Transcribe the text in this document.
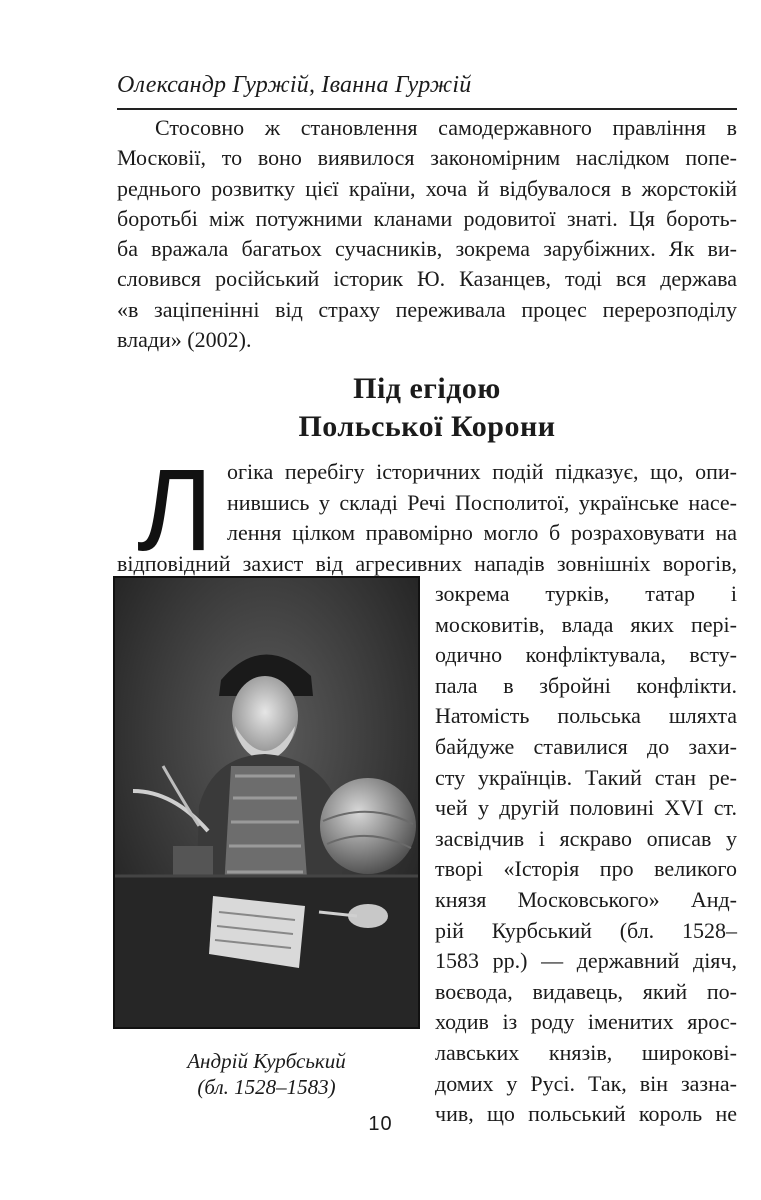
Олександр Гуржій, Іванна Гуржій
Стосовно ж становлення самодержавного правління в
Московії, то воно виявилося закономірним наслідком попе-
реднього розвитку цієї країни, хоча й відбувалося в жорстокій
боротьбі між потужними кланами родовитої знаті. Ця бороть-
ба вражала багатьох сучасників, зокрема зарубіжних. Як ви-
словився російський історик Ю. Казанцев, тоді вся держава
«в заціпенінні від страху переживала процес перерозподілу
влади» (2002).
Під егідою
Польської Корони
Л огіка перебігу історичних подій підказує, що, опи-
нившись у складі Речі Посполитої, українське насе-
лення цілком правомірно могло б розраховувати на
відповідний захист від агресивних нападів зовнішніх ворогів,
зокрема турків, татар і
московитів, влада яких пері-
одично конфліктувала, всту-
пала в збройні конфлікти.
Натомість польська шляхта
байдуже ставилися до захи-
сту українців. Такий стан ре-
чей у другій половині XVI ст.
засвідчив і яскраво описав у
творі «Історія про великого
князя Московського» Анд-
рій Курбський (бл. 1528–
1583 рр.) — державний діяч,
воєвода, видавець, який по-
ходив із роду іменитих ярос-
лавських князів, широкові-
домих у Русі. Так, він зазна-
чив, що польський король не
Андрій Курбський
(бл. 1528–1583)
10
